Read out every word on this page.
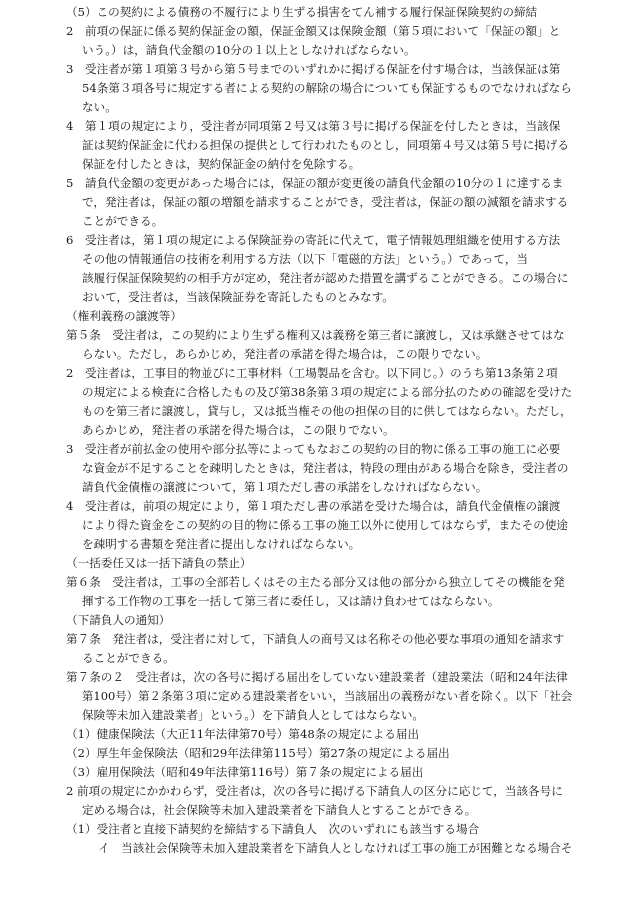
（5）この契約による債務の不履行により生ずる損害をてん補する履行保証保険契約の締結
2　前項の保証に係る契約保証金の額，保証金額又は保険金額（第５項において「保証の額」と
いう。）は，請負代金額の10分の１以上としなければならない。
3　受注者が第１項第３号から第５号までのいずれかに掲げる保証を付す場合は，当該保証は第
54条第３項各号に規定する者による契約の解除の場合についても保証するものでなければなら
ない。
4　第１項の規定により，受注者が同項第２号又は第３号に掲げる保証を付したときは，当該保
証は契約保証金に代わる担保の提供として行われたものとし，同項第４号又は第５号に掲げる
保証を付したときは，契約保証金の納付を免除する。
5　請負代金額の変更があった場合には，保証の額が変更後の請負代金額の10分の１に達するま
で，発注者は，保証の額の増額を請求することができ，受注者は，保証の額の減額を請求する
ことができる。
6　受注者は，第１項の規定による保険証券の寄託に代えて，電子情報処理組織を使用する方法
その他の情報通信の技術を利用する方法（以下「電磁的方法」という。）であって，当
該履行保証保険契約の相手方が定め，発注者が認めた措置を講ずることができる。この場合に
おいて，受注者は，当該保険証券を寄託したものとみなす。
（権利義務の譲渡等）
第５条　受注者は，この契約により生ずる権利又は義務を第三者に譲渡し，又は承継させてはな
らない。ただし，あらかじめ，発注者の承諾を得た場合は，この限りでない。
2　受注者は，工事目的物並びに工事材料（工場製品を含む。以下同じ。）のうち第13条第２項
の規定による検査に合格したもの及び第38条第３項の規定による部分払のための確認を受けた
ものを第三者に譲渡し，貸与し，又は抵当権その他の担保の目的に供してはならない。ただし，
あらかじめ，発注者の承諾を得た場合は，この限りでない。
3　受注者が前払金の使用や部分払等によってもなおこの契約の目的物に係る工事の施工に必要
な資金が不足することを疎明したときは，発注者は，特段の理由がある場合を除き，受注者の
請負代金債権の譲渡について，第１項ただし書の承諾をしなければならない。
4　受注者は，前項の規定により，第１項ただし書の承諾を受けた場合は，請負代金債権の譲渡
により得た資金をこの契約の目的物に係る工事の施工以外に使用してはならず，またその使途
を疎明する書類を発注者に提出しなければならない。
（一括委任又は一括下請負の禁止）
第６条　受注者は，工事の全部若しくはその主たる部分又は他の部分から独立してその機能を発
揮する工作物の工事を一括して第三者に委任し，又は請け負わせてはならない。
（下請負人の通知）
第７条　発注者は，受注者に対して，下請負人の商号又は名称その他必要な事項の通知を請求す
ることができる。
第７条の２　受注者は，次の各号に掲げる届出をしていない建設業者（建設業法（昭和24年法律
第100号）第２条第３項に定める建設業者をいい，当該届出の義務がない者を除く。以下「社会
保険等未加入建設業者」という。）を下請負人としてはならない。
（1）健康保険法（大正11年法律第70号）第48条の規定による届出
（2）厚生年金保険法（昭和29年法律第115号）第27条の規定による届出
（3）雇用保険法（昭和49年法律第116号）第７条の規定による届出
2 前項の規定にかかわらず，受注者は，次の各号に掲げる下請負人の区分に応じて，当該各号に
定める場合は，社会保険等未加入建設業者を下請負人とすることができる。
（1）受注者と直接下請契約を締結する下請負人　次のいずれにも該当する場合
イ　当該社会保険等未加入建設業者を下請負人としなければ工事の施工が困難となる場合そ
